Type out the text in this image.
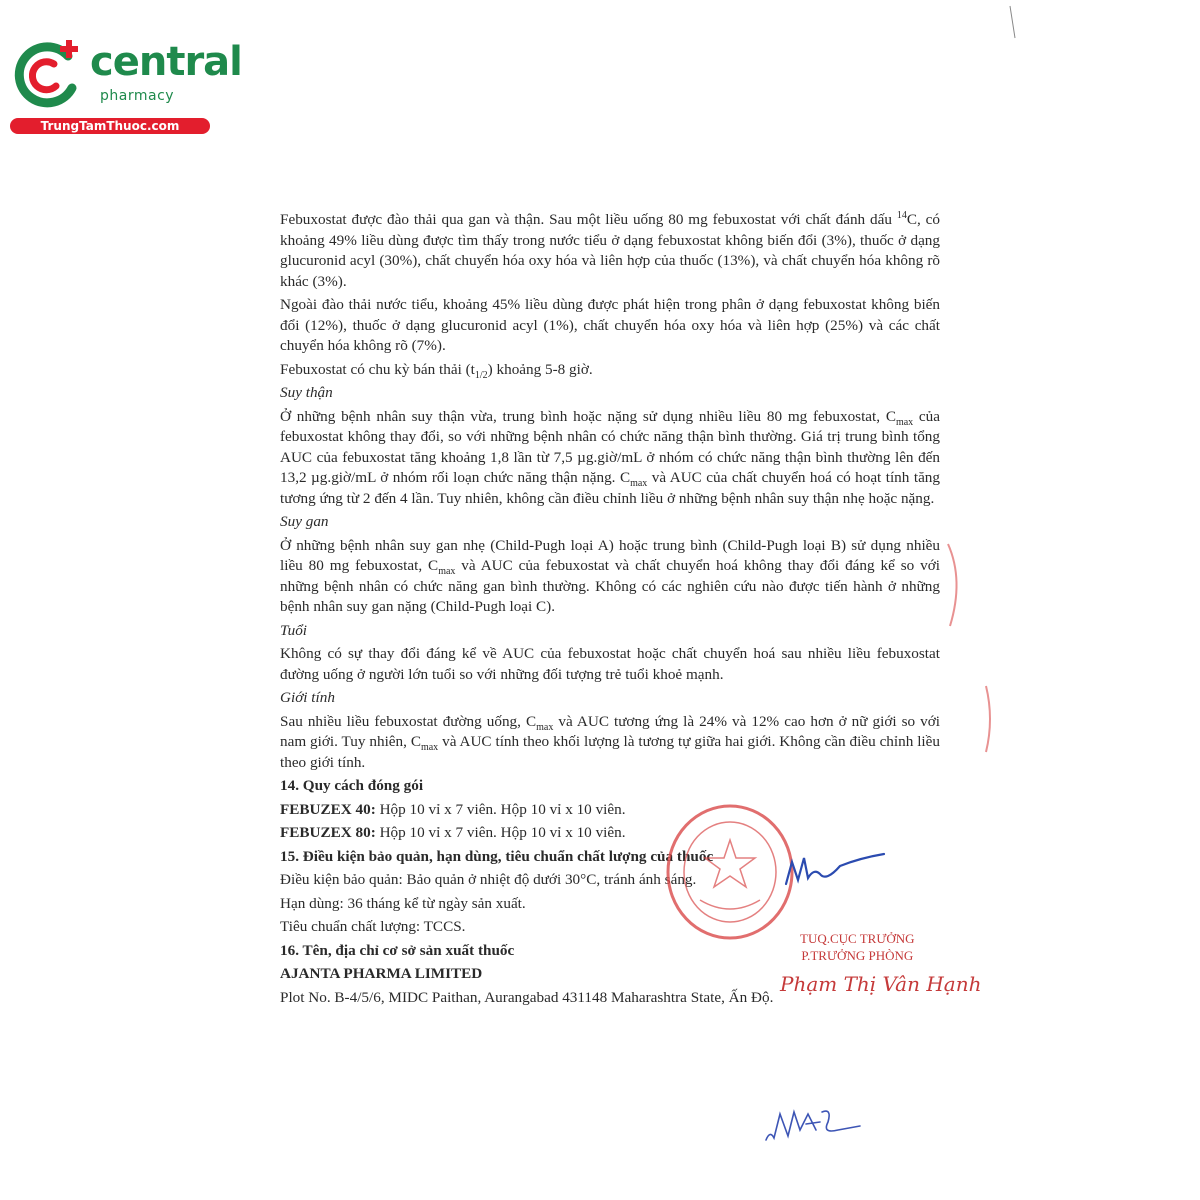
central
pharmacy
TrungTamThuoc.com

Febuxostat được đào thải qua gan và thận. Sau một liều uống 80 mg febuxostat với chất đánh dấu $^{14}$C, có khoảng 49% liều dùng được tìm thấy trong nước tiểu ở dạng febuxostat không biến đổi (3%), thuốc ở dạng glucuronid acyl (30%), chất chuyển hóa oxy hóa và liên hợp của thuốc (13%), và chất chuyển hóa không rõ khác (3%).

Ngoài đào thải nước tiểu, khoảng 45% liều dùng được phát hiện trong phân ở dạng febuxostat không biến đổi (12%), thuốc ở dạng glucuronid acyl (1%), chất chuyển hóa oxy hóa và liên hợp (25%) và các chất chuyển hóa không rõ (7%).

Febuxostat có chu kỳ bán thải $(t_{1/2})$ khoảng 5-8 giờ.

Suy thận

Ở những bệnh nhân suy thận vừa, trung bình hoặc nặng sử dụng nhiều liều 80 mg febuxostat, $C_{max}$ của febuxostat không thay đổi, so với những bệnh nhân có chức năng thận bình thường. Giá trị trung bình tổng AUC của febuxostat tăng khoảng 1,8 lần từ 7,5 µg.giờ/mL ở nhóm có chức năng thận bình thường lên đến 13,2 µg.giờ/mL ở nhóm rối loạn chức năng thận nặng. $C_{max}$ và AUC của chất chuyển hoá có hoạt tính tăng tương ứng từ 2 đến 4 lần. Tuy nhiên, không cần điều chỉnh liều ở những bệnh nhân suy thận nhẹ hoặc nặng.

Suy gan

Ở những bệnh nhân suy gan nhẹ (Child-Pugh loại A) hoặc trung bình (Child-Pugh loại B) sử dụng nhiều liều 80 mg febuxostat, $C_{max}$ và AUC của febuxostat và chất chuyển hoá không thay đổi đáng kể so với những bệnh nhân có chức năng gan bình thường. Không có các nghiên cứu nào được tiến hành ở những bệnh nhân suy gan nặng (Child-Pugh loại C).

Tuổi

Không có sự thay đổi đáng kể về AUC của febuxostat hoặc chất chuyển hoá sau nhiều liều febuxostat đường uống ở người lớn tuổi so với những đối tượng trẻ tuổi khoẻ mạnh.

Giới tính

Sau nhiều liều febuxostat đường uống, $C_{max}$ và AUC tương ứng là 24% và 12% cao hơn ở nữ giới so với nam giới. Tuy nhiên, $C_{max}$ và AUC tính theo khối lượng là tương tự giữa hai giới. Không cần điều chỉnh liều theo giới tính.

14. Quy cách đóng gói

FEBUZEX 40: Hộp 10 vỉ x 7 viên. Hộp 10 vỉ x 10 viên.

FEBUZEX 80: Hộp 10 vỉ x 7 viên. Hộp 10 vỉ x 10 viên.

15. Điều kiện bảo quản, hạn dùng, tiêu chuẩn chất lượng của thuốc

Điều kiện bảo quản: Bảo quản ở nhiệt độ dưới 30°C, tránh ánh sáng.

Hạn dùng: 36 tháng kể từ ngày sản xuất.

Tiêu chuẩn chất lượng: TCCS.

16. Tên, địa chỉ cơ sở sản xuất thuốc

AJANTA PHARMA LIMITED

Plot No. B-4/5/6, MIDC Paithan, Aurangabad 431148 Maharashtra State, Ấn Độ.

TUQ.CỤC TRƯỞNG
P.TRƯỞNG PHÒNG
Phạm Thị Vân Hạnh
